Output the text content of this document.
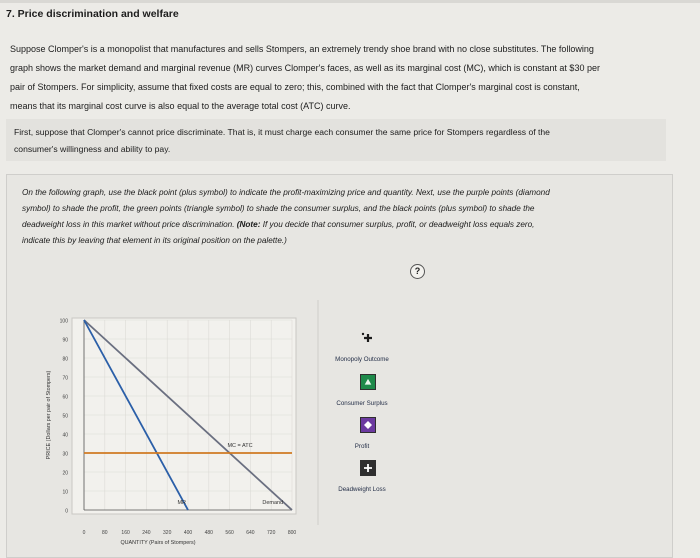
7. Price discrimination and welfare
Suppose Clomper's is a monopolist that manufactures and sells Stompers, an extremely trendy shoe brand with no close substitutes. The following
graph shows the market demand and marginal revenue (MR) curves Clomper's faces, as well as its marginal cost (MC), which is constant at $30 per
pair of Stompers. For simplicity, assume that fixed costs are equal to zero; this, combined with the fact that Clomper's marginal cost is constant,
means that its marginal cost curve is also equal to the average total cost (ATC) curve.
First, suppose that Clomper's cannot price discriminate. That is, it must charge each consumer the same price for Stompers regardless of the
consumer's willingness and ability to pay.
On the following graph, use the black point (plus symbol) to indicate the profit-maximizing price and quantity. Next, use the purple points (diamond
symbol) to shade the profit, the green points (triangle symbol) to shade the consumer surplus, and the black points (plus symbol) to shade the
deadweight loss in this market without price discrimination. (Note: If you decide that consumer surplus, profit, or deadweight loss equals zero,
indicate this by leaving that element in its original position on the palette.)
?
0
10
20
30
40
50
60
70
80
90
100
0	80	160 240 320 400 480 560 640 720 800
QUANTITY (Pairs of Stompers)
PRICE (Dollars per pair of Stompers)
MR	Demand
MC = ATC
Monopoly Outcome
Consumer Surplus
Profit
Deadweight Loss
